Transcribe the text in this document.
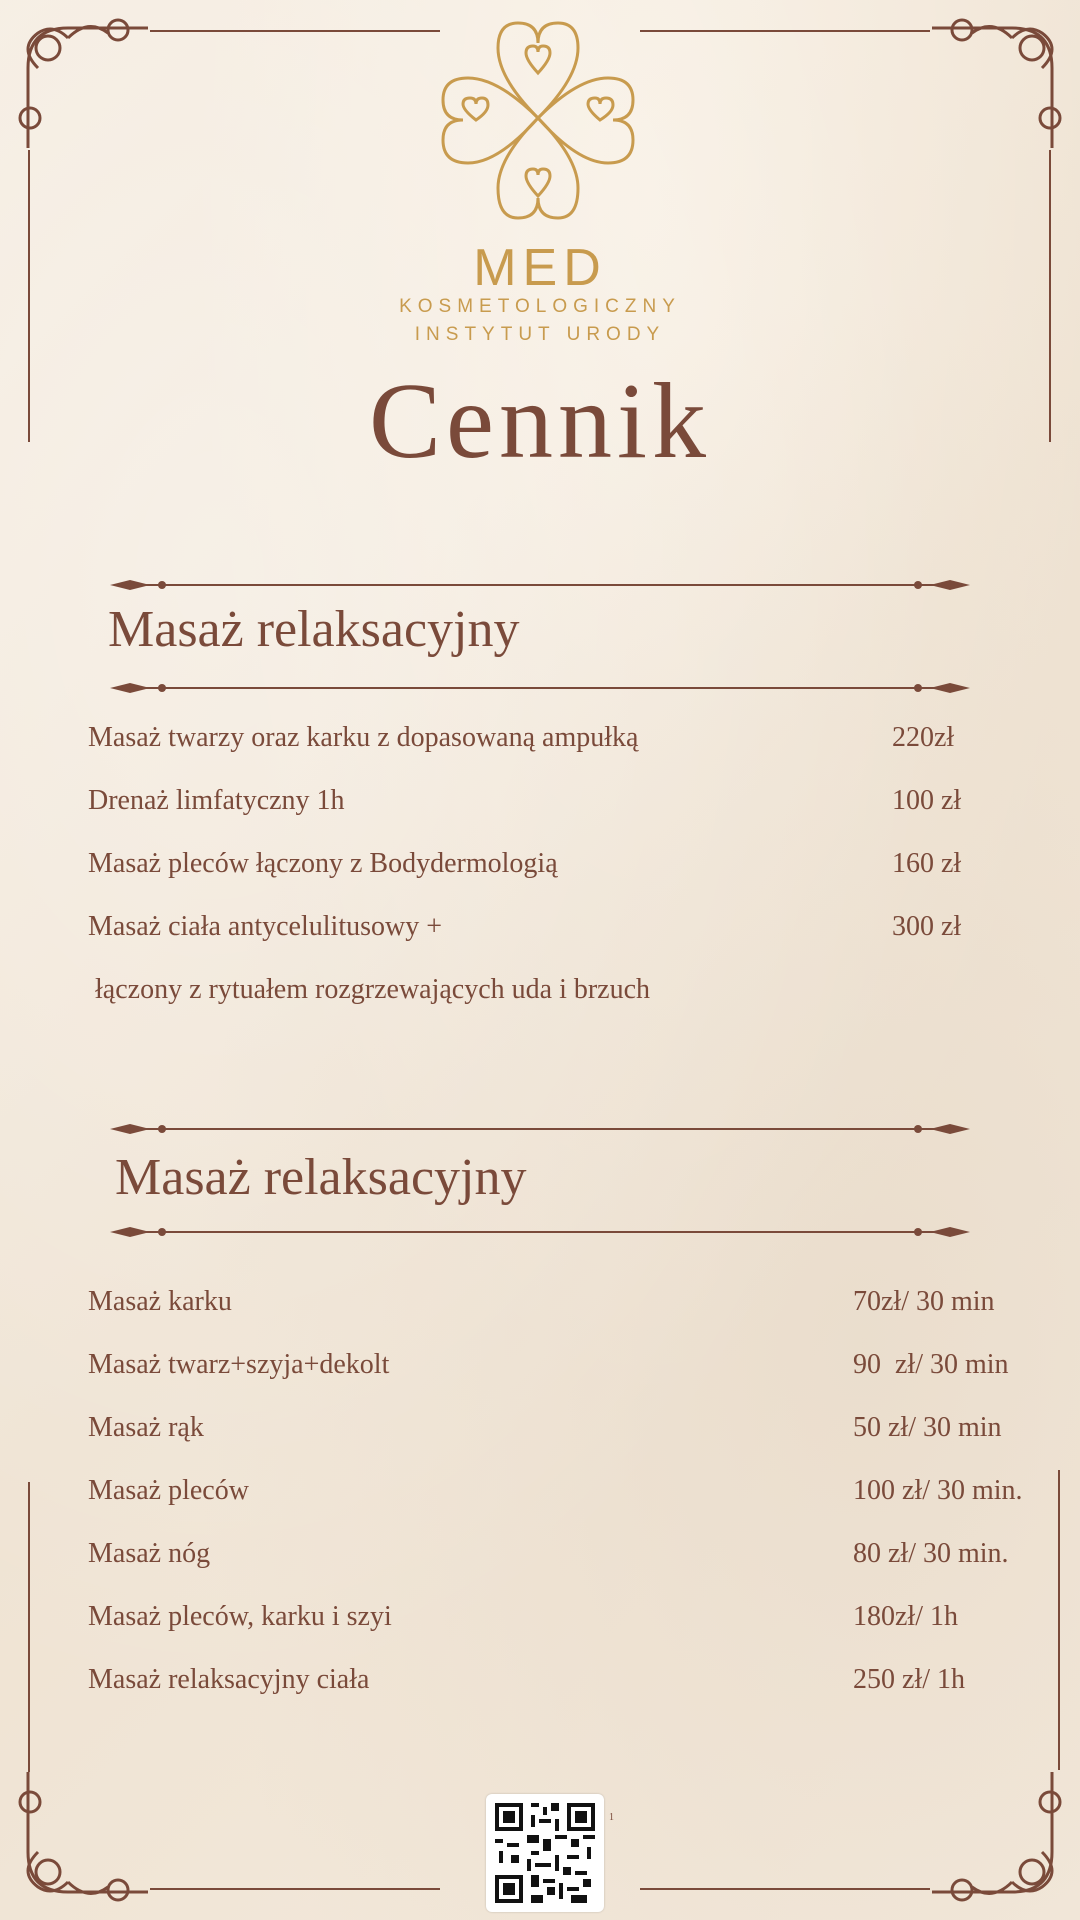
MED
KOSMETOLOGICZNY
INSTYTUT URODY
Cennik
Masaż relaksacyjny
Masaż twarzy oraz karku z dopasowaną ampułką	220zł
Drenaż limfatyczny 1h	100 zł
Masaż pleców łączony z Bodydermologią	160 zł
Masaż ciała antycelulitusowy +	300 zł
łączony z rytuałem rozgrzewających uda i brzuch
Masaż relaksacyjny
Masaż karku	70zł/ 30 min
Masaż twarz+szyja+dekolt	90  zł/ 30 min
Masaż rąk	50 zł/ 30 min
Masaż pleców	100 zł/ 30 min.
Masaż nóg	80 zł/ 30 min.
Masaż pleców, karku i szyi	180zł/ 1h
Masaż relaksacyjny ciała	250 zł/ 1h
1
